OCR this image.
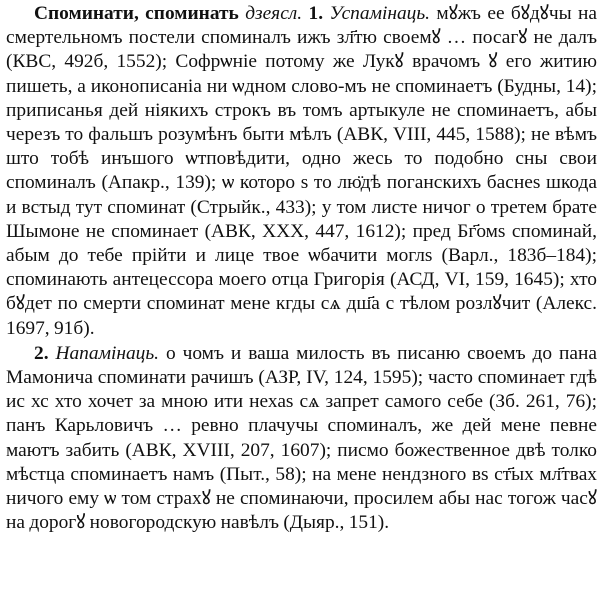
Споминати, споминать дзеясл. 1. Успамінаць. мꙋжъ ее бꙋдꙋчы на смертельномъ постели споминалъ ижъ зл҃тю своемꙋ … посагꙋ не далъ (КВС, 492б, 1552); Софрѡніе потому же Лукꙋ врачомъ ꙋ его житию пишеть, а иконописаніа ни ѡдном слово-мъ не споминаетъ (Будны, 14); приписанья дей ніякихъ строкъ въ томъ артыкуле не споминаетъ, абы черезъ то фальшъ розумѣнъ быти мѣлъ (АВК, VIII, 445, 1588); не вѣмъ што тобѣ инъшого ѡтповѣдити, одно жесь то подобно сны свои споминалъ (Апакр., 139); ѡ которо ѕ то лю̈дѣ поганскихъ баснеѕ шкода и встыд тут споминат (Стрыйк., 433); у том листе ничог о третем брате Шымоне не споминает (АВК, XXX, 447, 1612); пред Бг҃омѕ споминай, абым до тебе прійти и лице твое ѡбачити моглѕ (Варл., 183б–184); споминають антецессора моего отца Григорія (АСД, VI, 159, 1645); хто бꙋдет по смерти споминат мене кгды сѧ дш҃а с тѣлом розлꙋчит (Алекс. 1697, 91б).

2. Напамінаць. о чомъ и ваша милость въ писаню своемъ до пана Мамонича споминати рачишъ (АЗР, IV, 124, 1595); часто споминает гдѣ ис хс хто хочет за мною ити нехаѕ сѧ запрет самого себе (Зб. 261, 76); панъ Карьловичъ … ревно плачучы споминалъ, же дей мене певне маютъ забить (АВК, XVIII, 207, 1607); писмо божественное двѣ толко мѣстца споминаетъ намъ (Пыт., 58); на мене нендзного вѕ ст҃ых мл҃твах ничого ему ѡ том страхꙋ не споминаючи, просилем абы нас тогож часꙋ на дорогꙋ новогородскую навѣлъ (Дыяр., 151).
